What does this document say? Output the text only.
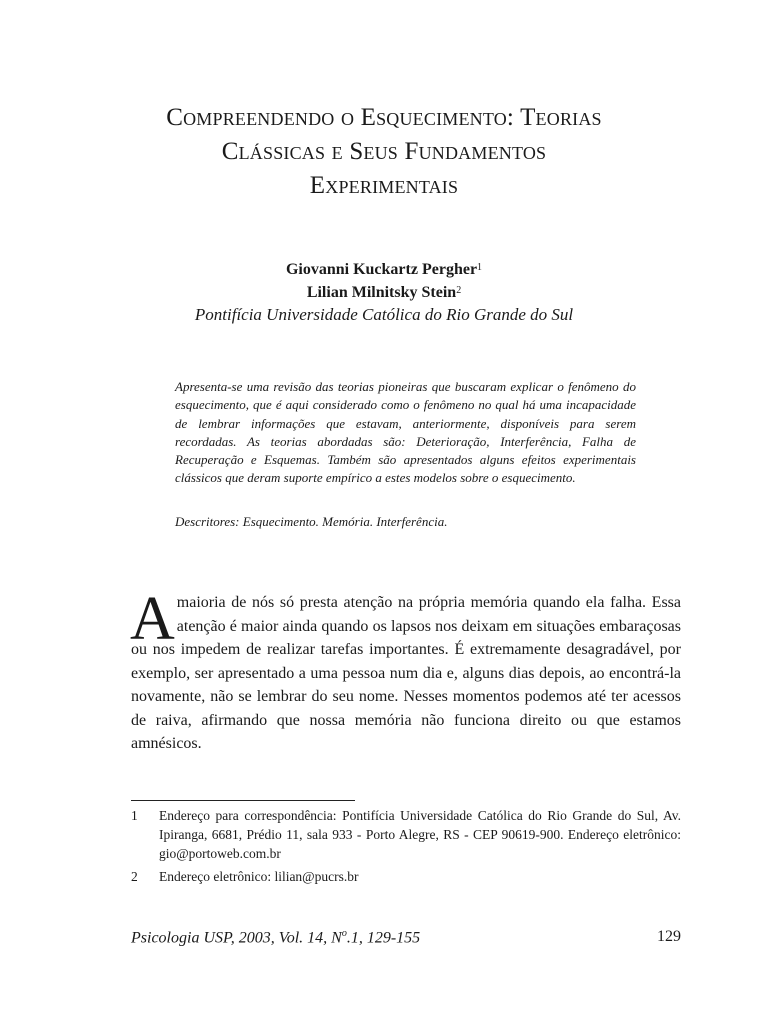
Compreendendo o Esquecimento: Teorias
Clássicas e Seus Fundamentos
Experimentais
Giovanni Kuckartz Pergher$^1$
Lilian Milnitsky Stein$^2$
Pontifícia Universidade Católica do Rio Grande do Sul
Apresenta-se uma revisão das teorias pioneiras que buscaram explicar o fenômeno do esquecimento, que é aqui considerado como o fenômeno no qual há uma incapacidade de lembrar informações que estavam, anteriormente, disponíveis para serem recordadas. As teorias abordadas são: Deterioração, Interferência, Falha de Recuperação e Esquemas. Também são apresentados alguns efeitos experimentais clássicos que deram suporte empírico a estes modelos sobre o esquecimento.
Descritores: Esquecimento. Memória. Interferência.
A maioria de nós só presta atenção na própria memória quando ela falha. Essa atenção é maior ainda quando os lapsos nos deixam em situações embaraçosas ou nos impedem de realizar tarefas importantes. É extremamente desagradável, por exemplo, ser apresentado a uma pessoa num dia e, alguns dias depois, ao encontrá-la novamente, não se lembrar do seu nome. Nesses momentos podemos até ter acessos de raiva, afirmando que nossa memória não funciona direito ou que estamos amnésicos.
1	Endereço para correspondência: Pontifícia Universidade Católica do Rio Grande do Sul, Av. Ipiranga, 6681, Prédio 11, sala 933 - Porto Alegre, RS - CEP 90619-900. Endereço eletrônico: gio@portoweb.com.br
2	Endereço eletrônico: lilian@pucrs.br
Psicologia USP, 2003, Vol. 14, $N^o.1$, 129-155	129
